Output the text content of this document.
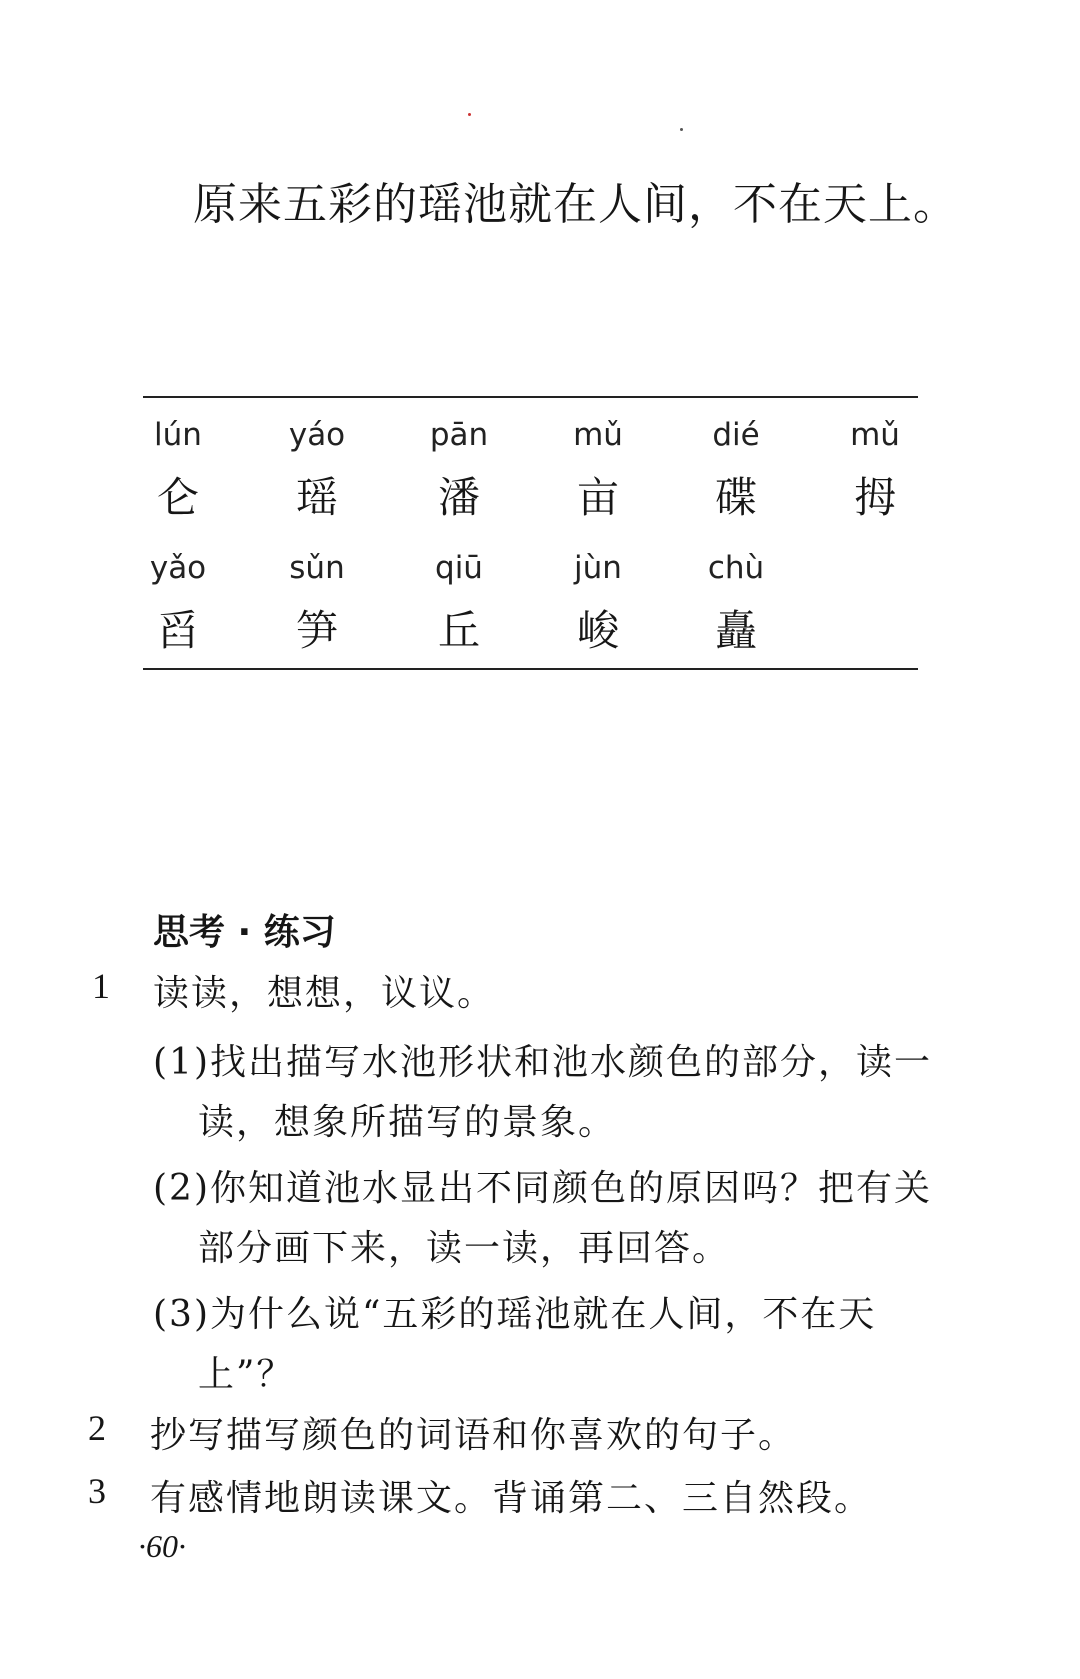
原来五彩的瑶池就在人间，不在天上。
lún
仑
yáo
瑶
pān
潘
mǔ
亩
dié
碟
mǔ
拇
yǎo
舀
sǔn
笋
qiū
丘
jùn
峻
chù
矗
思考 · 练习
1 读读，想想，议议。
(1)找出描写水池形状和池水颜色的部分，读一
读，想象所描写的景象。
(2)你知道池水显出不同颜色的原因吗？把有关
部分画下来，读一读，再回答。
(3)为什么说“五彩的瑶池就在人间，不在天
上”？
2 抄写描写颜色的词语和你喜欢的句子。
3 有感情地朗读课文。背诵第二、三自然段。
·60·
